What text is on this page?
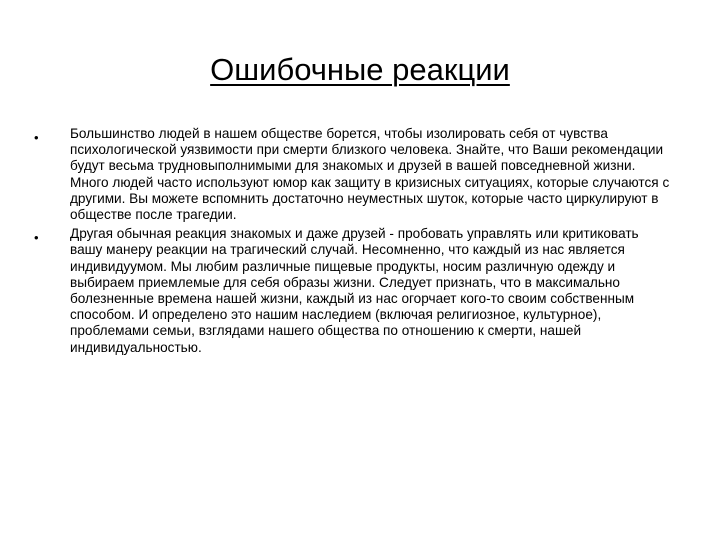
Ошибочные реакции
• Большинство людей в нашем обществе борется, чтобы изолировать себя от чувства психологической уязвимости при смерти близкого человека. Знайте, что Ваши рекомендации будут весьма трудновыполнимыми для знакомых и друзей в вашей повседневной жизни. Много людей часто используют юмор как защиту в кризисных ситуациях, которые случаются с другими. Вы можете вспомнить достаточно неуместных шуток, которые часто циркулируют в обществе после трагедии.
• Другая обычная реакция знакомых и даже друзей - пробовать управлять или критиковать вашу манеру реакции на трагический случай. Несомненно, что каждый из нас является индивидуумом. Мы любим различные пищевые продукты, носим различную одежду и выбираем приемлемые для себя образы жизни. Следует признать, что в максимально болезненные времена нашей жизни, каждый из нас огорчает кого-то своим собственным способом. И определено это нашим наследием (включая религиозное, культурное), проблемами семьи, взглядами нашего общества по отношению к смерти, нашей индивидуальностью.
